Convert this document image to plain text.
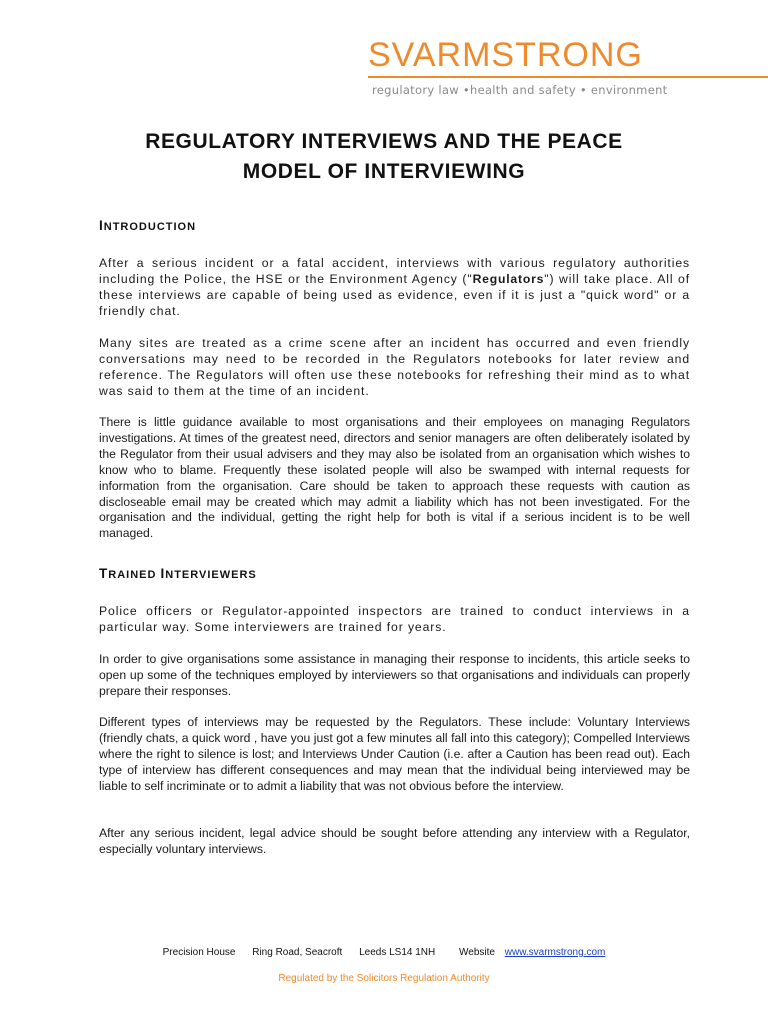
SVARMSTRONG
regulatory law •health and safety • environment
REGULATORY INTERVIEWS AND THE PEACE
MODEL OF INTERVIEWING
INTRODUCTION
After a serious incident or a fatal accident, interviews with various regulatory authorities including the Police, the HSE or the Environment Agency ("Regulators") will take place. All of these interviews are capable of being used as evidence, even if it is just a "quick word" or a friendly chat.
Many sites are treated as a crime scene after an incident has occurred and even friendly conversations may need to be recorded in the Regulators notebooks for later review and reference. The Regulators will often use these notebooks for refreshing their mind as to what was said to them at the time of an incident.
There is little guidance available to most organisations and their employees on managing Regulators investigations. At times of the greatest need, directors and senior managers are often deliberately isolated by the Regulator from their usual advisers and they may also be isolated from an organisation which wishes to know who to blame. Frequently these isolated people will also be swamped with internal requests for information from the organisation. Care should be taken to approach these requests with caution as discloseable email may be created which may admit a liability which has not been investigated. For the organisation and the individual, getting the right help for both is vital if a serious incident is to be well managed.
TRAINED INTERVIEWERS
Police officers or Regulator-appointed inspectors are trained to conduct interviews in a particular way. Some interviewers are trained for years.
In order to give organisations some assistance in managing their response to incidents, this article seeks to open up some of the techniques employed by interviewers so that organisations and individuals can properly prepare their responses.
Different types of interviews may be requested by the Regulators. These include: Voluntary Interviews (friendly chats, a quick word , have you just got a few minutes all fall into this category); Compelled Interviews where the right to silence is lost; and Interviews Under Caution (i.e. after a Caution has been read out). Each type of interview has different consequences and may mean that the individual being interviewed may be liable to self incriminate or to admit a liability that was not obvious before the interview.
After any serious incident, legal advice should be sought before attending any interview with a Regulator, especially voluntary interviews.
Precision House Ring Road, Seacroft Leeds LS14 1NH Website www.svarmstrong.com
Regulated by the Solicitors Regulation Authority
